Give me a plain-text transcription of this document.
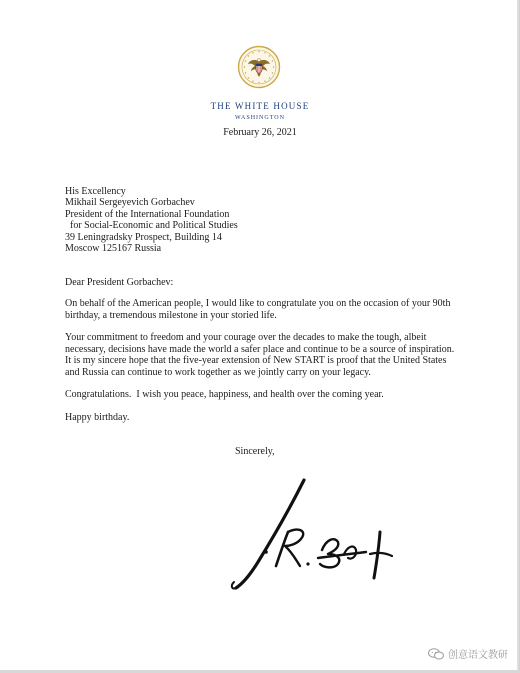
THE WHITE HOUSE
WASHINGTON
February 26, 2021
His Excellency
Mikhail Sergeyevich Gorbachev
President of the International Foundation
for Social-Economic and Political Studies
39 Leningradsky Prospect, Building 14
Moscow 125167 Russia
Dear President Gorbachev:
On behalf of the American people, I would like to congratulate you on the occasion of your 90th
birthday, a tremendous milestone in your storied life.
Your commitment to freedom and your courage over the decades to make the tough, albeit
necessary, decisions have made the world a safer place and continue to be a source of inspiration.
It is my sincere hope that the five-year extension of New START is proof that the United States
and Russia can continue to work together as we jointly carry on your legacy.
Congratulations.  I wish you peace, happiness, and health over the coming year.
Happy birthday.
Sincerely,
创意语文教研
